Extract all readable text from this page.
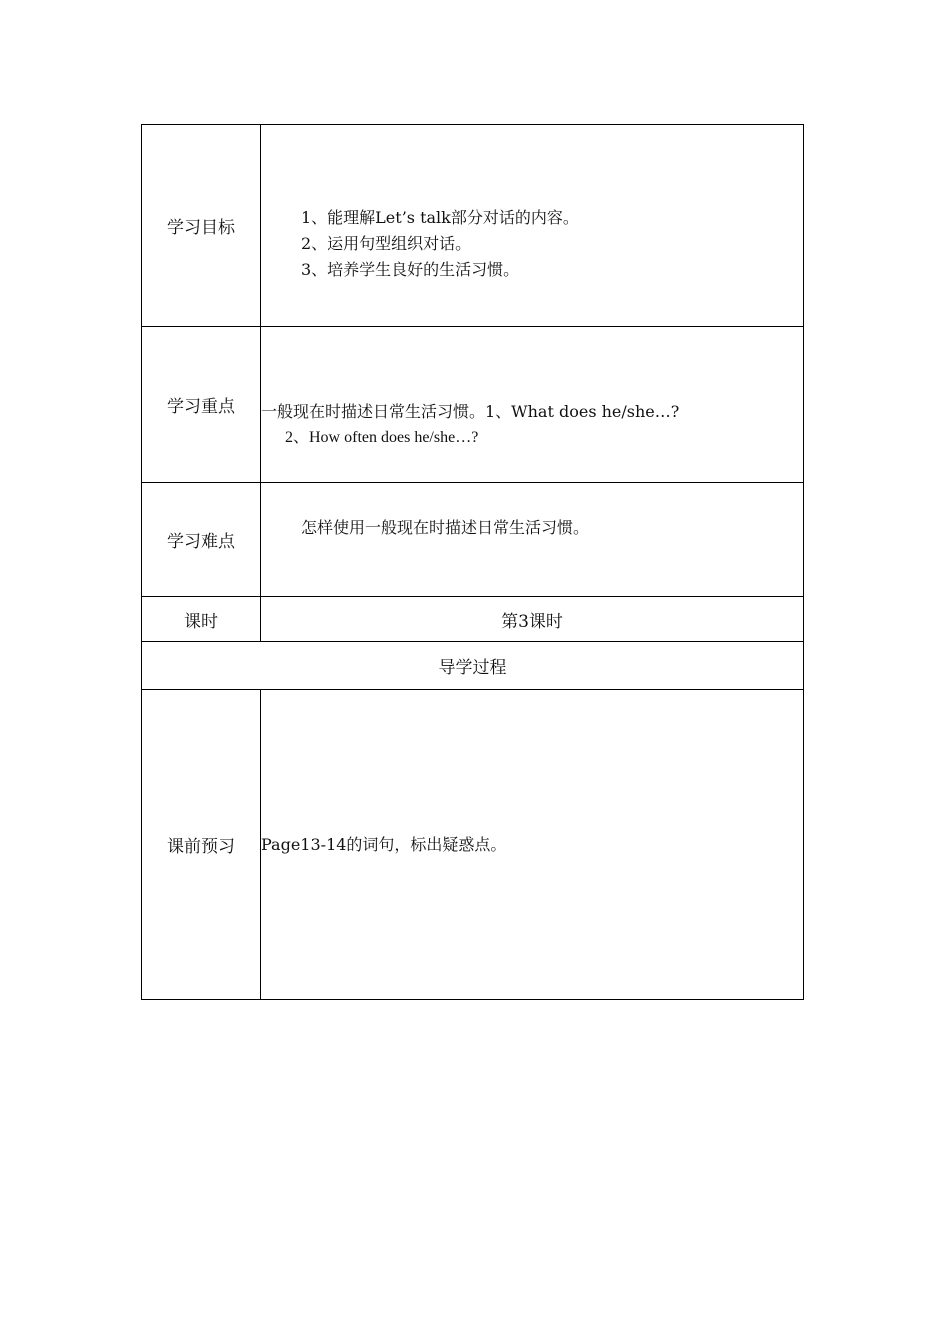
学习目标
1、能理解Let’s talk部分对话的内容。
2、运用句型组织对话。
3、培养学生良好的生活习惯。
学习重点 一般现在时描述日常生活习惯。1、What does he/she…?
2、How often does he/she…?
学习难点
怎样使用一般现在时描述日常生活习惯。
课时	第3课时
导学过程
课前预习 Page13-14的词句，标出疑惑点。
